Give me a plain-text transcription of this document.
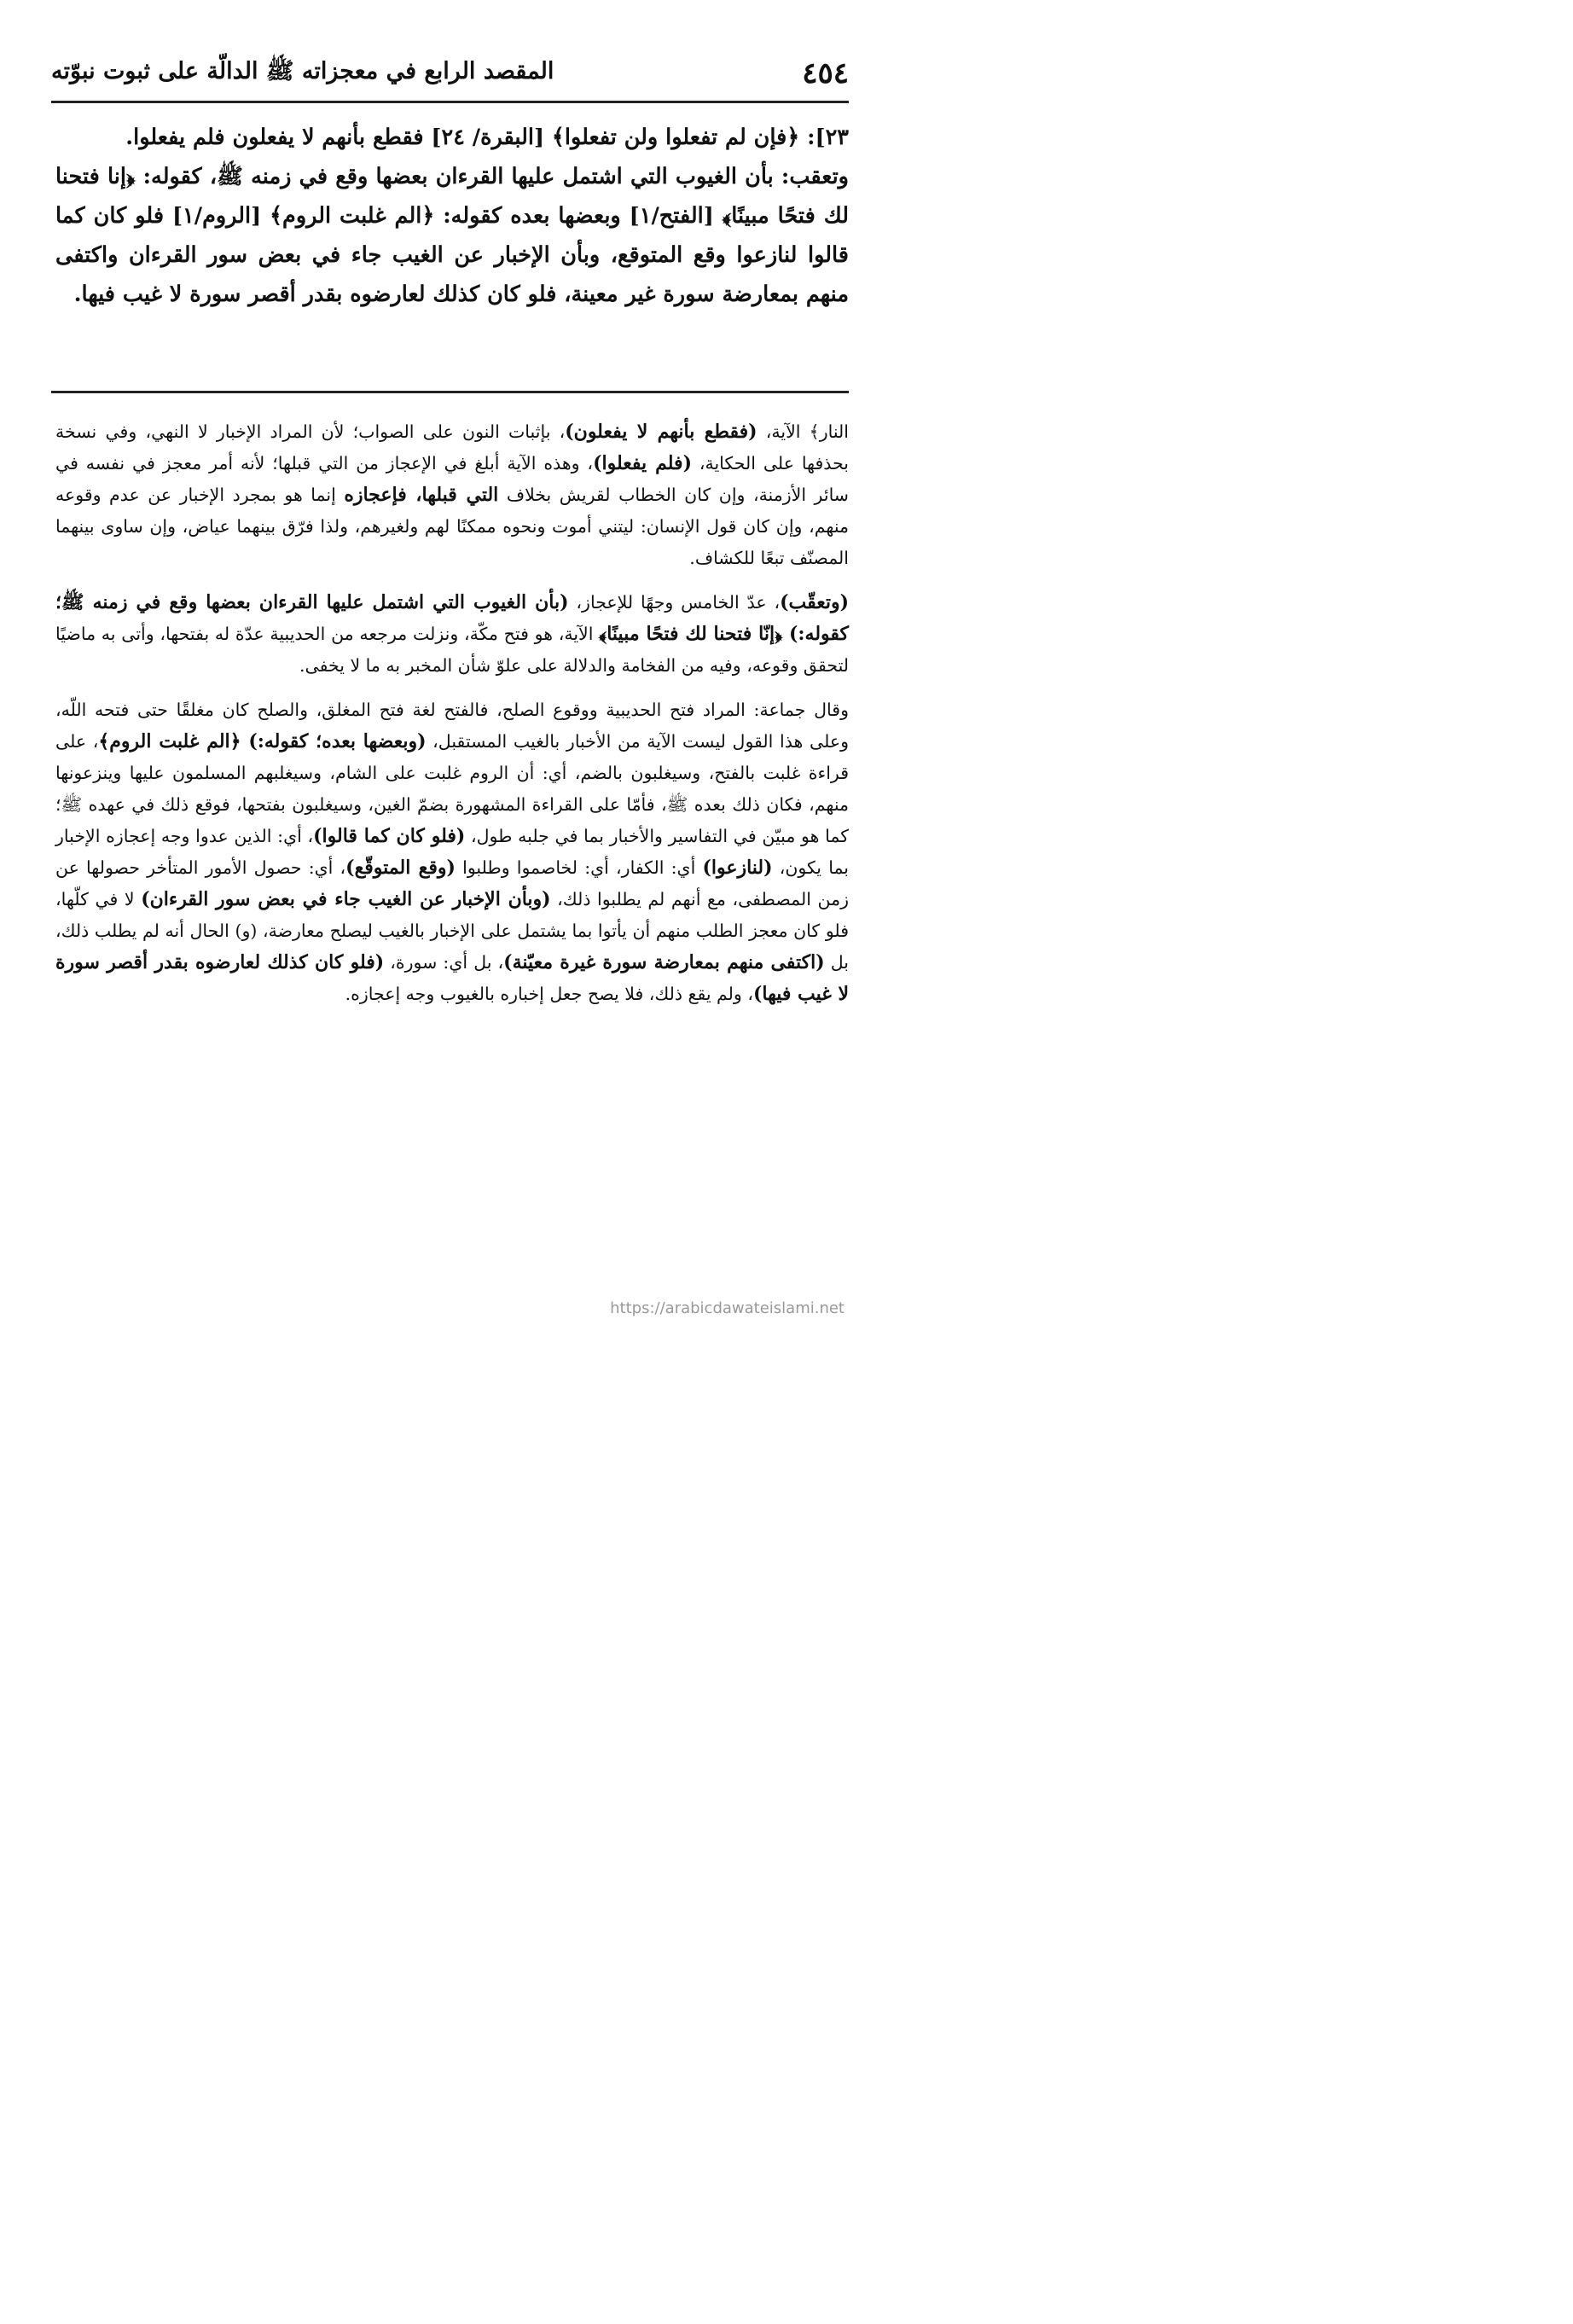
٤٥٤
المقصد الرابع في معجزاته ﷺ الدالّة على ثبوت نبوّته

٢٣]: ﴿فإن لم تفعلوا ولن تفعلوا﴾ [البقرة/ ٢٤] فقطع بأنهم لا يفعلون فلم يفعلوا.

وتعقب: بأن الغيوب التي اشتمل عليها القرءان بعضها وقع في زمنه ﷺ، كقوله: ﴿إنا فتحنا لك فتحًا مبينًا﴾ [الفتح/١] وبعضها بعده كقوله: ﴿الم غلبت الروم﴾ [الروم/١] فلو كان كما قالوا لنازعوا وقع المتوقع، وبأن الإخبار عن الغيب جاء في بعض سور القرءان واكتفى منهم بمعارضة سورة غير معينة، فلو كان كذلك لعارضوه بقدر أقصر سورة لا غيب فيها.

النار﴾ الآية، (فقطع بأنهم لا يفعلون)، بإثبات النون على الصواب؛ لأن المراد الإخبار لا النهي، وفي نسخة بحذفها على الحكاية، (فلم يفعلوا)، وهذه الآية أبلغ في الإعجاز من التي قبلها؛ لأنه أمر معجز في نفسه في سائر الأزمنة، وإن كان الخطاب لقريش بخلاف التي قبلها، فإعجازه إنما هو بمجرد الإخبار عن عدم وقوعه منهم، وإن كان قول الإنسان: ليتني أموت ونحوه ممكنًا لهم ولغيرهم، ولذا فرّق بينهما عياض، وإن ساوى بينهما المصنّف تبعًا للكشاف.

(وتعقّب)، عدّ الخامس وجهًا للإعجاز، (بأن الغيوب التي اشتمل عليها القرءان بعضها وقع في زمنه ﷺ؛ كقوله:) ﴿إنّا فتحنا لك فتحًا مبينًا﴾ الآية، هو فتح مكّة، ونزلت مرجعه من الحديبية عدّة له بفتحها، وأتى به ماضيًا لتحقق وقوعه، وفيه من الفخامة والدلالة على علوّ شأن المخبر به ما لا يخفى.

وقال جماعة: المراد فتح الحديبية ووقوع الصلح، فالفتح لغة فتح المغلق، والصلح كان مغلقًا حتى فتحه اللّه، وعلى هذا القول ليست الآية من الأخبار بالغيب المستقبل، (وبعضها بعده؛ كقوله:) ﴿الم غلبت الروم﴾، على قراءة غلبت بالفتح، وسيغلبون بالضم، أي: أن الروم غلبت على الشام، وسيغلبهم المسلمون عليها وينزعونها منهم، فكان ذلك بعده ﷺ، فأمّا على القراءة المشهورة بضمّ الغين، وسيغلبون بفتحها، فوقع ذلك في عهده ﷺ؛ كما هو مبيّن في التفاسير والأخبار بما في جلبه طول، (فلو كان كما قالوا)، أي: الذين عدوا وجه إعجازه الإخبار بما يكون، (لنازعوا) أي: الكفار، أي: لخاصموا وطلبوا (وقع المتوقّع)، أي: حصول الأمور المتأخر حصولها عن زمن المصطفى، مع أنهم لم يطلبوا ذلك، (وبأن الإخبار عن الغيب جاء في بعض سور القرءان) لا في كلّها، فلو كان معجز الطلب منهم أن يأتوا بما يشتمل على الإخبار بالغيب ليصلح معارضة، (و) الحال أنه لم يطلب ذلك، بل (اكتفى منهم بمعارضة سورة غيرة معيّنة)، بل أي: سورة، (فلو كان كذلك لعارضوه بقدر أقصر سورة لا غيب فيها)، ولم يقع ذلك، فلا يصح جعل إخباره بالغيوب وجه إعجازه.

https://arabicdawateislami.net
